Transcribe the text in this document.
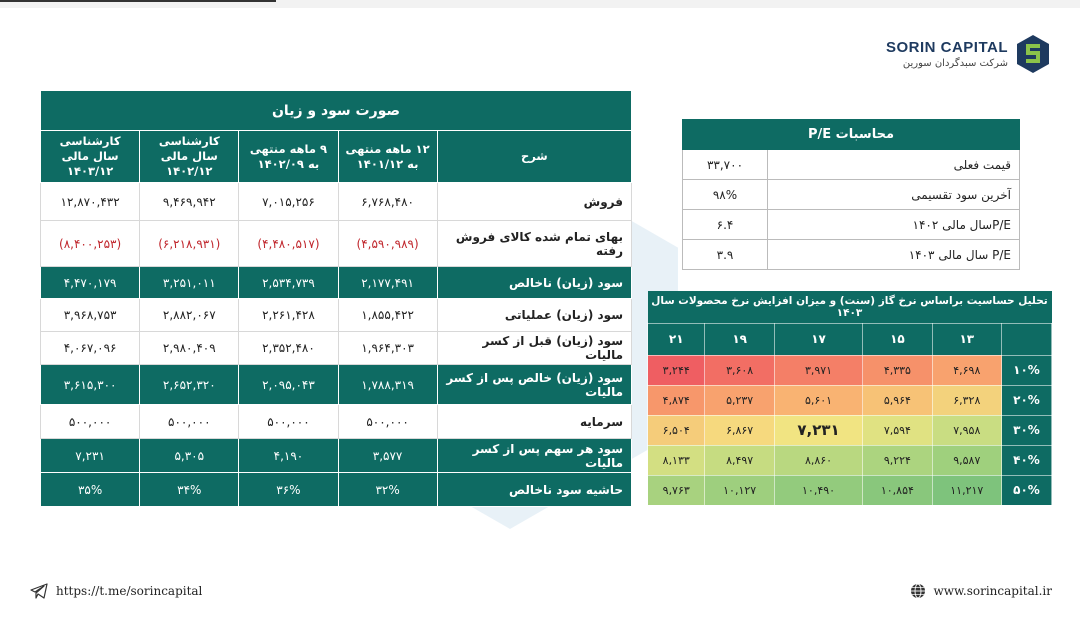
SORIN CAPITAL
شرکت سبدگردان سورین
صورت سود و زیان				
شرح	۱۲ ماهه منتهی به ۱۴۰۱/۱۲	۹ ماهه منتهی به ۱۴۰۲/۰۹	کارشناسی سال مالی ۱۴۰۲/۱۲	کارشناسی سال مالی ۱۴۰۳/۱۲
فروش	۶,۷۶۸,۴۸۰	۷,۰۱۵,۲۵۶	۹,۴۶۹,۹۴۲	۱۲,۸۷۰,۴۳۲
بهای تمام شده کالای فروش رفته	(۴,۵۹۰,۹۸۹)	(۴,۴۸۰,۵۱۷)	(۶,۲۱۸,۹۳۱)	(۸,۴۰۰,۲۵۳)
سود (زیان) ناخالص	۲,۱۷۷,۴۹۱	۲,۵۳۴,۷۳۹	۳,۲۵۱,۰۱۱	۴,۴۷۰,۱۷۹
سود (زیان) عملیاتی	۱,۸۵۵,۴۲۲	۲,۲۶۱,۴۲۸	۲,۸۸۲,۰۶۷	۳,۹۶۸,۷۵۳
سود (زیان) قبل از کسر مالیات	۱,۹۶۴,۳۰۳	۲,۳۵۲,۴۸۰	۲,۹۸۰,۴۰۹	۴,۰۶۷,۰۹۶
سود (زیان) خالص پس از کسر مالیات	۱,۷۸۸,۳۱۹	۲,۰۹۵,۰۴۳	۲,۶۵۲,۳۲۰	۳,۶۱۵,۳۰۰
سرمایه	۵۰۰,۰۰۰	۵۰۰,۰۰۰	۵۰۰,۰۰۰	۵۰۰,۰۰۰
سود هر سهم پس از کسر مالیات	۳,۵۷۷	۴,۱۹۰	۵,۳۰۵	۷,۲۳۱
حاشیه سود ناخالص	۳۲%	۳۶%	۳۴%	۳۵%
محاسبات P/E	
قیمت فعلی	۳۳,۷۰۰
آخرین سود تقسیمی	۹۸%
P/Eسال مالی ۱۴۰۲	۶.۴
P/E سال مالی ۱۴۰۳	۳.۹
تحلیل حساسیت براساس نرخ گاز (سنت) و میزان افزایش نرخ محصولات سال ۱۴۰۳					
	۱۳	۱۵	۱۷	۱۹	۲۱
۱۰%	۴,۶۹۸	۴,۳۳۵	۳,۹۷۱	۳,۶۰۸	۳,۲۴۴
۲۰%	۶,۳۲۸	۵,۹۶۴	۵,۶۰۱	۵,۲۳۷	۴,۸۷۴
۳۰%	۷,۹۵۸	۷,۵۹۴	۷,۲۳۱	۶,۸۶۷	۶,۵۰۴
۴۰%	۹,۵۸۷	۹,۲۲۴	۸,۸۶۰	۸,۴۹۷	۸,۱۳۳
۵۰%	۱۱,۲۱۷	۱۰,۸۵۴	۱۰,۴۹۰	۱۰,۱۲۷	۹,۷۶۳
https://t.me/sorincapital	www.sorincapital.ir
